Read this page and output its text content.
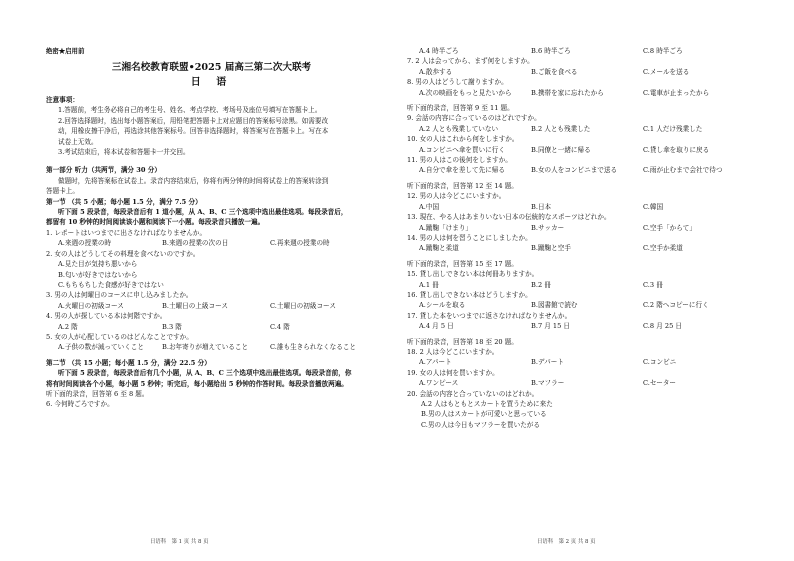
绝密★启用前
三湘名校教育联盟•2025 届高三第二次大联考
日 语
注意事项：
1.答题前，考生务必将自己的考生号、姓名、考点学校、考场号及座位号填写在答题卡上。
2.回答选择题时，选出每小题答案后，用铅笔把答题卡上对应题目的答案标号涂黑。如需要改
动，用橡皮擦干净后，再选涂其他答案标号。回答非选择题时，将答案写在答题卡上。写在本
试卷上无效。
3.考试结束后，将本试卷和答题卡一并交回。
第一部分 听力（共两节，满分 30 分）
做题时，先将答案标在试卷上。录音内容结束后，你将有两分钟的时间将试卷上的答案转涂到
答题卡上。
第一节 （共 5 小题；每小题 1.5 分，满分 7.5 分）
听下面 5 段录音，每段录音后有 1 道小题，从 A、B、C 三个选项中选出最佳选项。每段录音后，
都留有 10 秒钟的时间阅读该小题和阅读下一小题。每段录音只播放一遍。
1. レポートはいつまでに出さなければなりませんか。
A.来週の授業の時	B.来週の授業の次の日	C.再来週の授業の時
2. 女の人はどうしてその料理を食べないのですか。
A.見た目が気持ち悪いから
B.匂いが好きではないから
C.もちもちした食感が好きではない
3. 男の人は何曜日のコースに申し込みましたか。
A.火曜日の初級コース	B.土曜日の上級コース	C.土曜日の初級コース
4. 男の人が探している本は何階ですか。
A.2 階	B.3 階	C.4 階
5. 女の人が心配しているのはどんなことですか。
A.子供の数が減っていくこと	B.お年寄りが増えていること	C.誰も生きられなくなること
第二节 （共 15 小题；每小题 1.5 分，满分 22.5 分）
听下面 5 段录音，每段录音后有几个小题，从 A、B、C 三个选项中选出最佳选项。每段录音前，你
将有时间阅读各个小题，每小题 5 秒钟；听完后，每小题给出 5 秒钟的作答时间。每段录音播放两遍。
听下面的录音，回答第 6 至 8 题。
6. 今何時ごろですか。
日语科　第 1 页 共 8 页
A.4 時半ごろ	B.6 時半ごろ	C.8 時半ごろ
7. 2 人は会ってから、まず何をしますか。
A.散歩する	B.ご飯を食べる	C.メールを送る
8. 男の人はどうして謝りますか。
A.次の映画をもっと見たいから	B.携帯を家に忘れたから	C.電車が止まったから
听下面的录音，回答第 9 至 11 题。
9. 会話の内容に合っているのはどれですか。
A.2 人とも残業していない	B.2 人とも残業した	C.1 人だけ残業した
10. 女の人はこれから何をしますか。
A.コンビニへ傘を買いに行く	B.同僚と一緒に帰る	C.貸し傘を取りに戻る
11. 男の人はこの後何をしますか。
A.自分で傘を差して先に帰る	B.女の人をコンビニまで送る	C.雨が止むまで会社で待つ
听下面的录音，回答第 12 至 14 题。
12. 男の人は今どこにいますか。
A.中国	B.日本	C.韓国
13. 現在、やる人はあまりいない日本の伝統的なスポーツはどれか。
A.蹴鞠「けまり」	B.サッカー	C.空手「からて」
14. 男の人は何を習うことにしましたか。
A.蹴鞠と柔道	B.蹴鞠と空手	C.空手か柔道
听下面的录音，回答第 15 至 17 题。
15. 貸し出しできない本は何冊ありますか。
A.1 冊	B.2 冊	C.3 冊
16. 貸し出しできない本はどうしますか。
A.シールを取る	B.図書館で読む	C.2 階へコピーに行く
17. 貸した本をいつまでに返さなければなりませんか。
A.4 月 5 日	B.7 月 15 日	C.8 月 25 日
听下面的录音，回答第 18 至 20 题。
18. 2 人は今どこにいますか。
A.アパート	B.デパート	C.コンビニ
19. 女の人は何を買いますか。
A.ワンピース	B.マフラー	C.セーター
20. 会話の内容と合っていないのはどれか。
A.2 人はもともとスカートを買うために来た
B.男の人はスカートが可愛いと思っている
C.男の人は今日もマフラーを買いたがる
日语科　第 2 页 共 8 页
